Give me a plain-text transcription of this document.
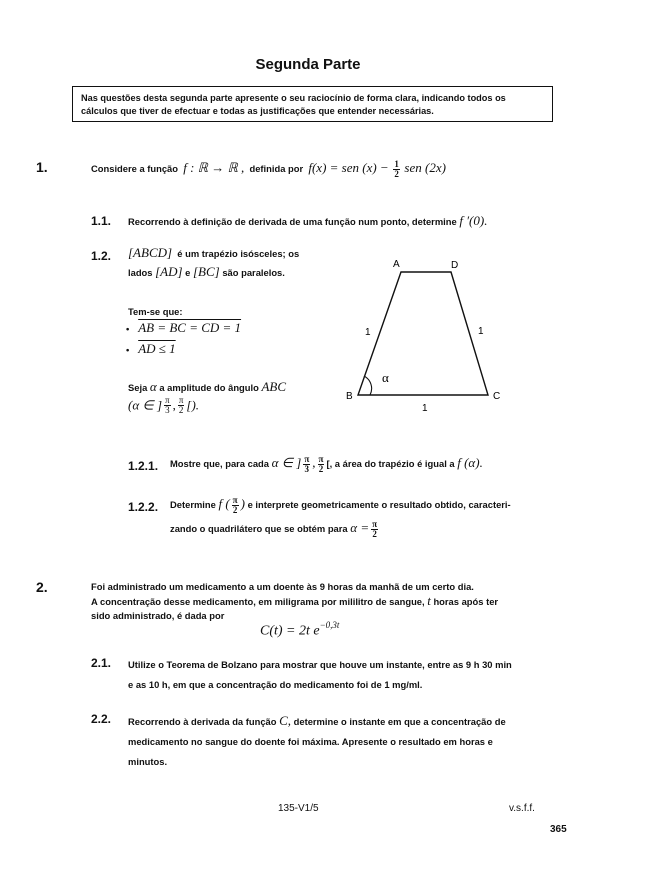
Segunda Parte
Nas questões desta segunda parte apresente o seu raciocínio de forma clara, indicando todos os cálculos que tiver de efectuar e todas as justificações que entender necessárias.
1.	Considere a função f : ℝ → ℝ , definida por f(x) = sen $(x) - \frac{1}{2}$ sen (2x)
1.1. Recorrendo à definição de derivada de uma função num ponto, determine f ′(0).
1.2. [ABCD] é um trapézio isósceles; os
lados [AD] e [BC] são paralelos.
Tem-se que:
• AB = BC = CD = 1
• AD ≤ 1
Seja α a amplitude do ângulo ABC
(α ∈ ] $\frac{\pi}{3}$ , $\frac{\pi}{2}$ [).
A	D
B	C
1	1
1
α
1.2.1. Mostre que, para cada α ∈ ] $\frac{\pi}{3}$ , $\frac{\pi}{2}$ [, a área do trapézio é igual a f (α).
1.2.2. Determine f ( $\frac{\pi}{2}$ ) e interprete geometricamente o resultado obtido, caracteri-
zando o quadrilátero que se obtém para $\alpha = \frac{\pi}{2}$
2.	Foi administrado um medicamento a um doente às 9 horas da manhã de um certo dia.
A concentração desse medicamento, em miligrama por mililitro de sangue, t horas após ter
sido administrado, é dada por
C(t) = 2t $e^{-0,3t}$
2.1. Utilize o Teorema de Bolzano para mostrar que houve um instante, entre as 9 h 30 min
e as 10 h, em que a concentração do medicamento foi de 1 mg/ml.
2.2. Recorrendo à derivada da função C, determine o instante em que a concentração de
medicamento no sangue do doente foi máxima. Apresente o resultado em horas e
minutos.
135-V1/5	v.s.f.f.
365
